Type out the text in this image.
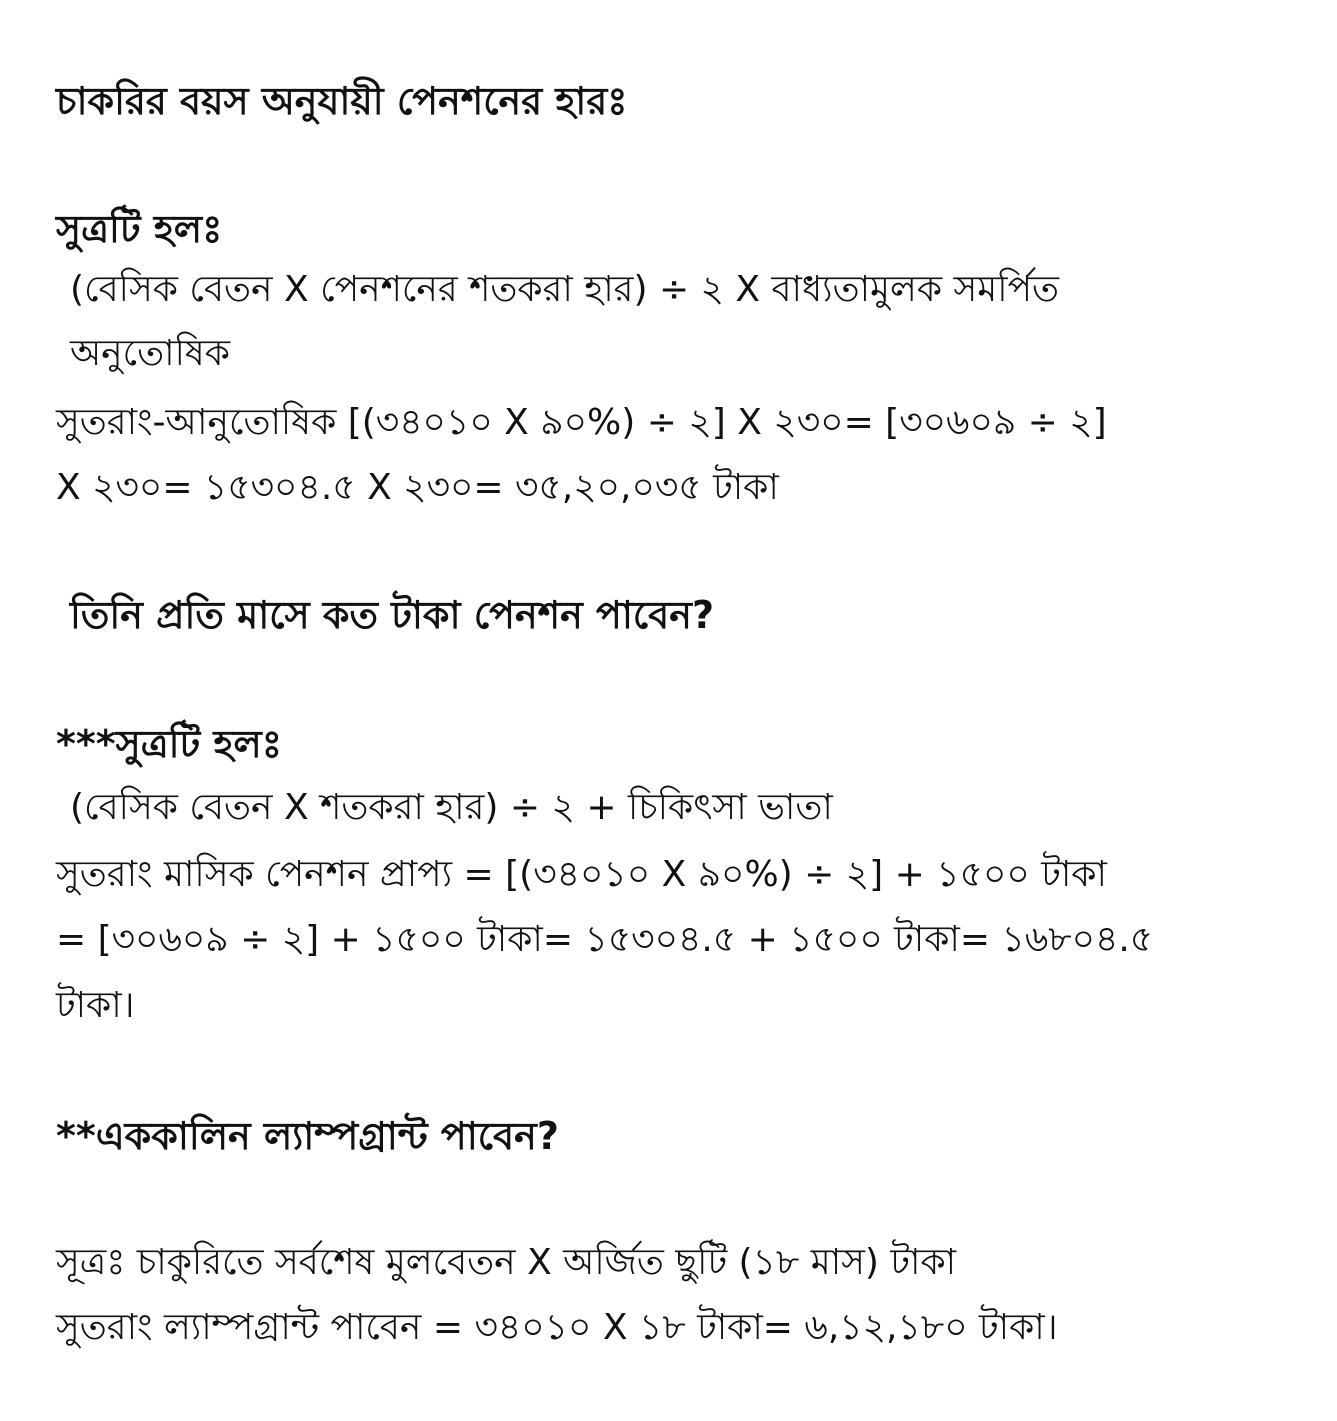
চাকরির বয়স অনুযায়ী পেনশনের হারঃ
সুত্রটি হলঃ
(বেসিক বেতন X পেনশনের শতকরা হার) ÷ ২ X বাধ্যতামুলক সমর্পিত
অনুতোষিক
সুতরাং-আনুতোষিক [(৩৪০১০ X ৯০%) ÷ ২] X ২৩০= [৩০৬০৯ ÷ ২]
X ২৩০= ১৫৩০৪.৫ X ২৩০= ৩৫,২০,০৩৫ টাকা
তিনি প্রতি মাসে কত টাকা পেনশন পাবেন?
***সুত্রটি হলঃ
(বেসিক বেতন X শতকরা হার) ÷ ২ + চিকিৎসা ভাতা
সুতরাং মাসিক পেনশন প্রাপ্য = [(৩৪০১০ X ৯০%) ÷ ২] + ১৫০০ টাকা
= [৩০৬০৯ ÷ ২] + ১৫০০ টাকা= ১৫৩০৪.৫ + ১৫০০ টাকা= ১৬৮০৪.৫
টাকা।
**এককালিন ল্যাম্পগ্রান্ট পাবেন?
সূত্রঃ চাকুরিতে সর্বশেষ মুলবেতন X অর্জিত ছুটি (১৮ মাস) টাকা
সুতরাং ল্যাম্পগ্রান্ট পাবেন = ৩৪০১০ X ১৮ টাকা= ৬,১২,১৮০ টাকা।
